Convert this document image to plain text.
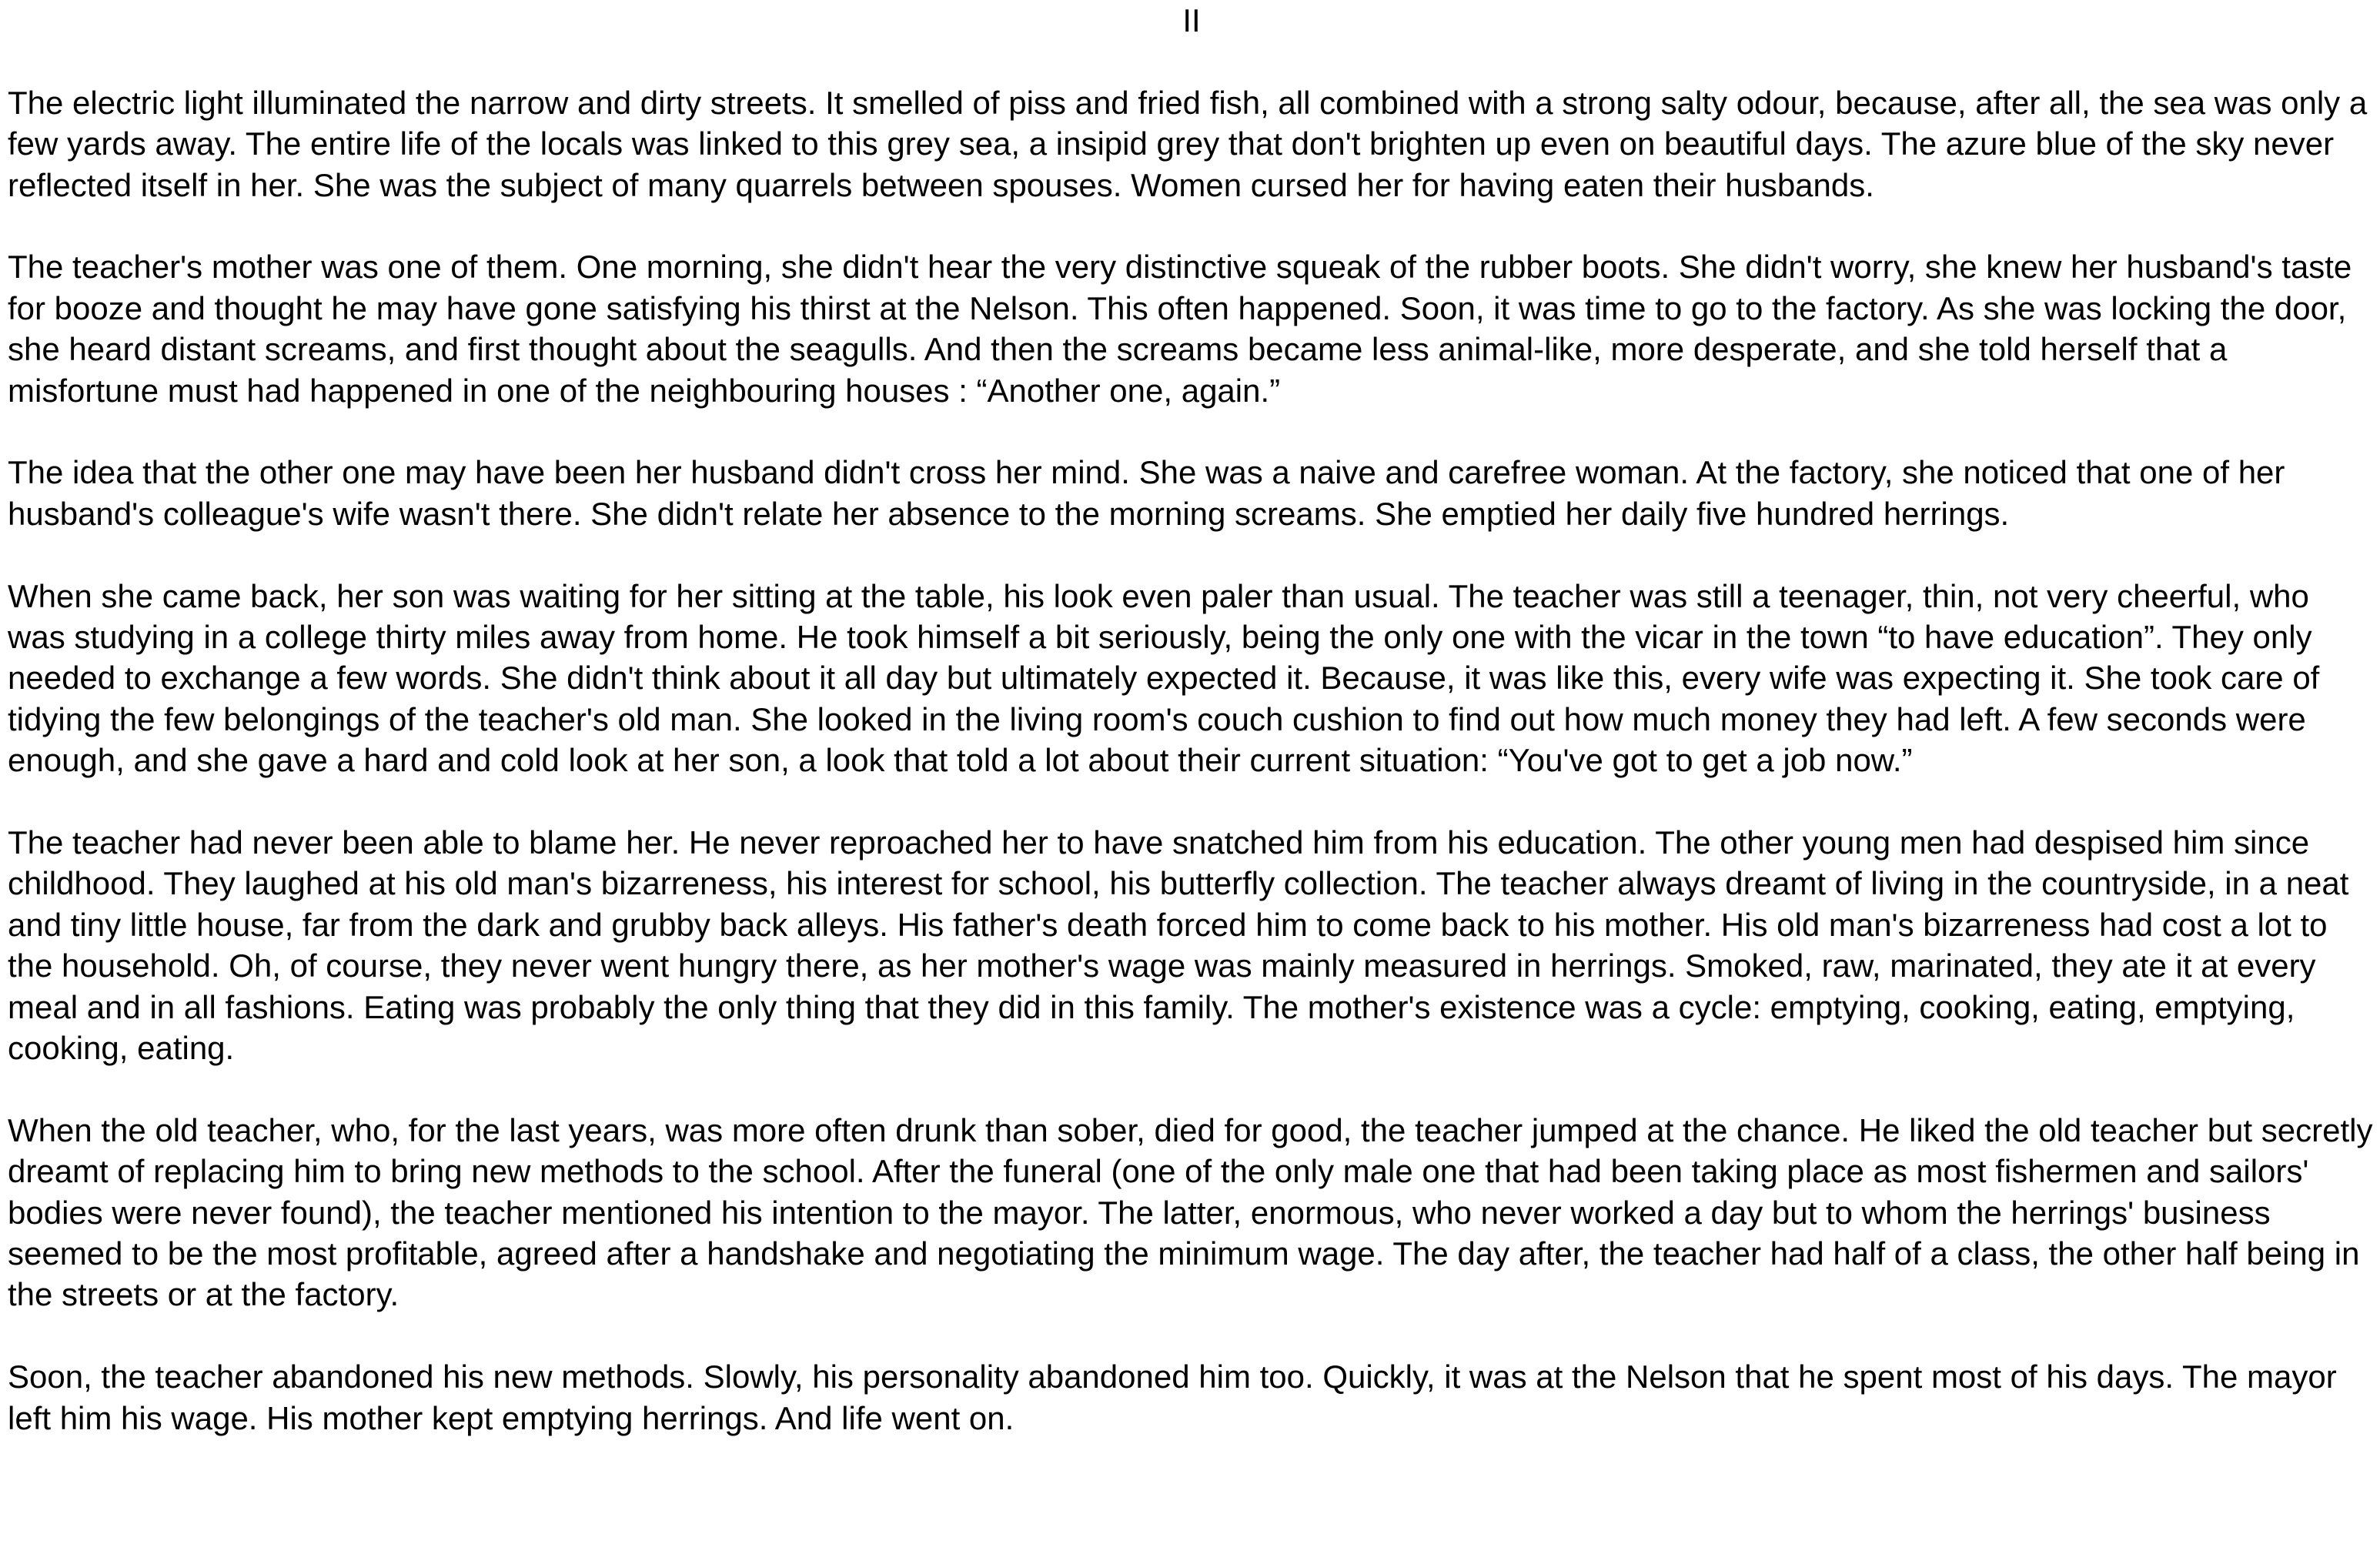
II

The electric light illuminated the narrow and dirty streets. It smelled of piss and fried fish, all combined with a strong salty odour, because, after all, the sea was only a few yards away. The entire life of the locals was linked to this grey sea, a insipid grey that don't brighten up even on beautiful days. The azure blue of the sky never reflected itself in her. She was the subject of many quarrels between spouses. Women cursed her for having eaten their husbands.

The teacher's mother was one of them. One morning, she didn't hear the very distinctive squeak of the rubber boots. She didn't worry, she knew her husband's taste for booze and thought he may have gone satisfying his thirst at the Nelson. This often happened. Soon, it was time to go to the factory. As she was locking the door, she heard distant screams, and first thought about the seagulls. And then the screams became less animal-like, more desperate, and she told herself that a misfortune must had happened in one of the neighbouring houses : “Another one, again.”

The idea that the other one may have been her husband didn't cross her mind. She was a naive and carefree woman. At the factory, she noticed that one of her husband's colleague's wife wasn't there. She didn't relate her absence to the morning screams. She emptied her daily five hundred herrings.

When she came back, her son was waiting for her sitting at the table, his look even paler than usual. The teacher was still a teenager, thin, not very cheerful, who was studying in a college thirty miles away from home. He took himself a bit seriously, being the only one with the vicar in the town “to have education”. They only needed to exchange a few words. She didn't think about it all day but ultimately expected it. Because, it was like this, every wife was expecting it. She took care of tidying the few belongings of the teacher's old man. She looked in the living room's couch cushion to find out how much money they had left. A few seconds were enough, and she gave a hard and cold look at her son, a look that told a lot about their current situation: “You've got to get a job now.”

The teacher had never been able to blame her. He never reproached her to have snatched him from his education. The other young men had despised him since childhood. They laughed at his old man's bizarreness, his interest for school, his butterfly collection. The teacher always dreamt of living in the countryside, in a neat and tiny little house, far from the dark and grubby back alleys. His father's death forced him to come back to his mother. His old man's bizarreness had cost a lot to the household. Oh, of course, they never went hungry there, as her mother's wage was mainly measured in herrings. Smoked, raw, marinated, they ate it at every meal and in all fashions. Eating was probably the only thing that they did in this family. The mother's existence was a cycle: emptying, cooking, eating, emptying, cooking, eating.

When the old teacher, who, for the last years, was more often drunk than sober, died for good, the teacher jumped at the chance. He liked the old teacher but secretly dreamt of replacing him to bring new methods to the school. After the funeral (one of the only male one that had been taking place as most fishermen and sailors' bodies were never found), the teacher mentioned his intention to the mayor. The latter, enormous, who never worked a day but to whom the herrings' business seemed to be the most profitable, agreed after a handshake and negotiating the minimum wage. The day after, the teacher had half of a class, the other half being in the streets or at the factory.

Soon, the teacher abandoned his new methods. Slowly, his personality abandoned him too. Quickly, it was at the Nelson that he spent most of his days. The mayor left him his wage. His mother kept emptying herrings. And life went on.
